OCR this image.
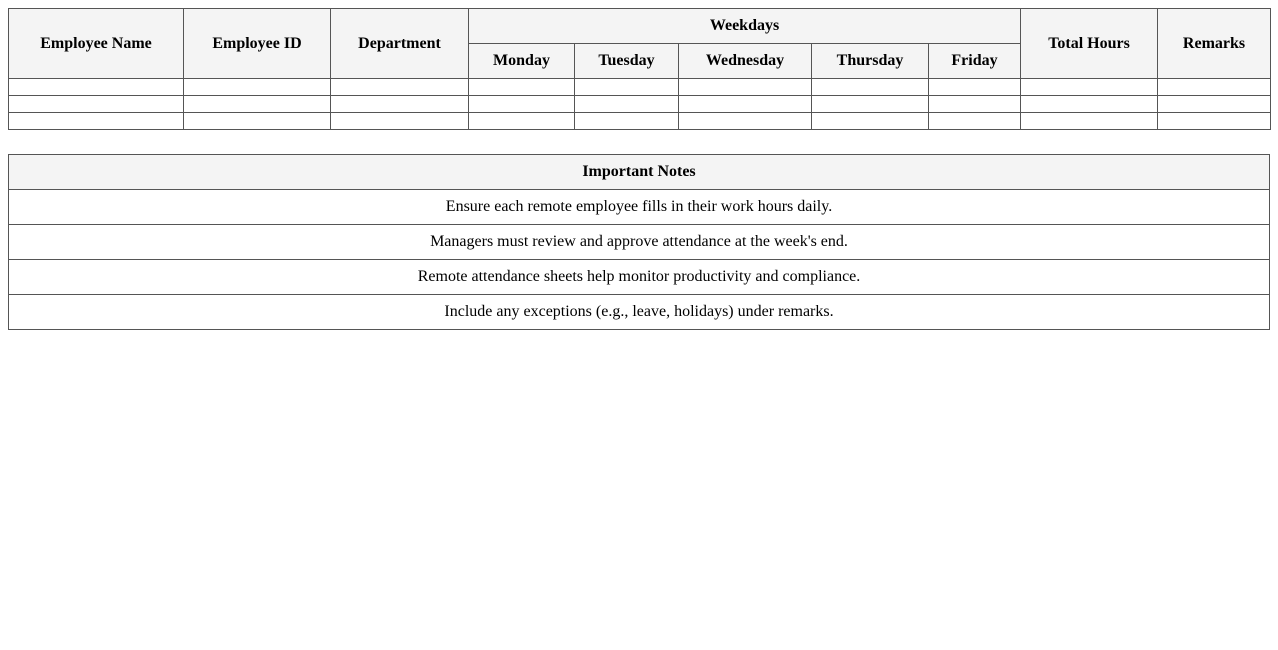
Employee Name	Employee ID	Department	Weekdays					Total Hours	Remarks
			Monday	Tuesday	Wednesday	Thursday	Friday		

Important Notes
Ensure each remote employee fills in their work hours daily.
Managers must review and approve attendance at the week's end.
Remote attendance sheets help monitor productivity and compliance.
Include any exceptions (e.g., leave, holidays) under remarks.
